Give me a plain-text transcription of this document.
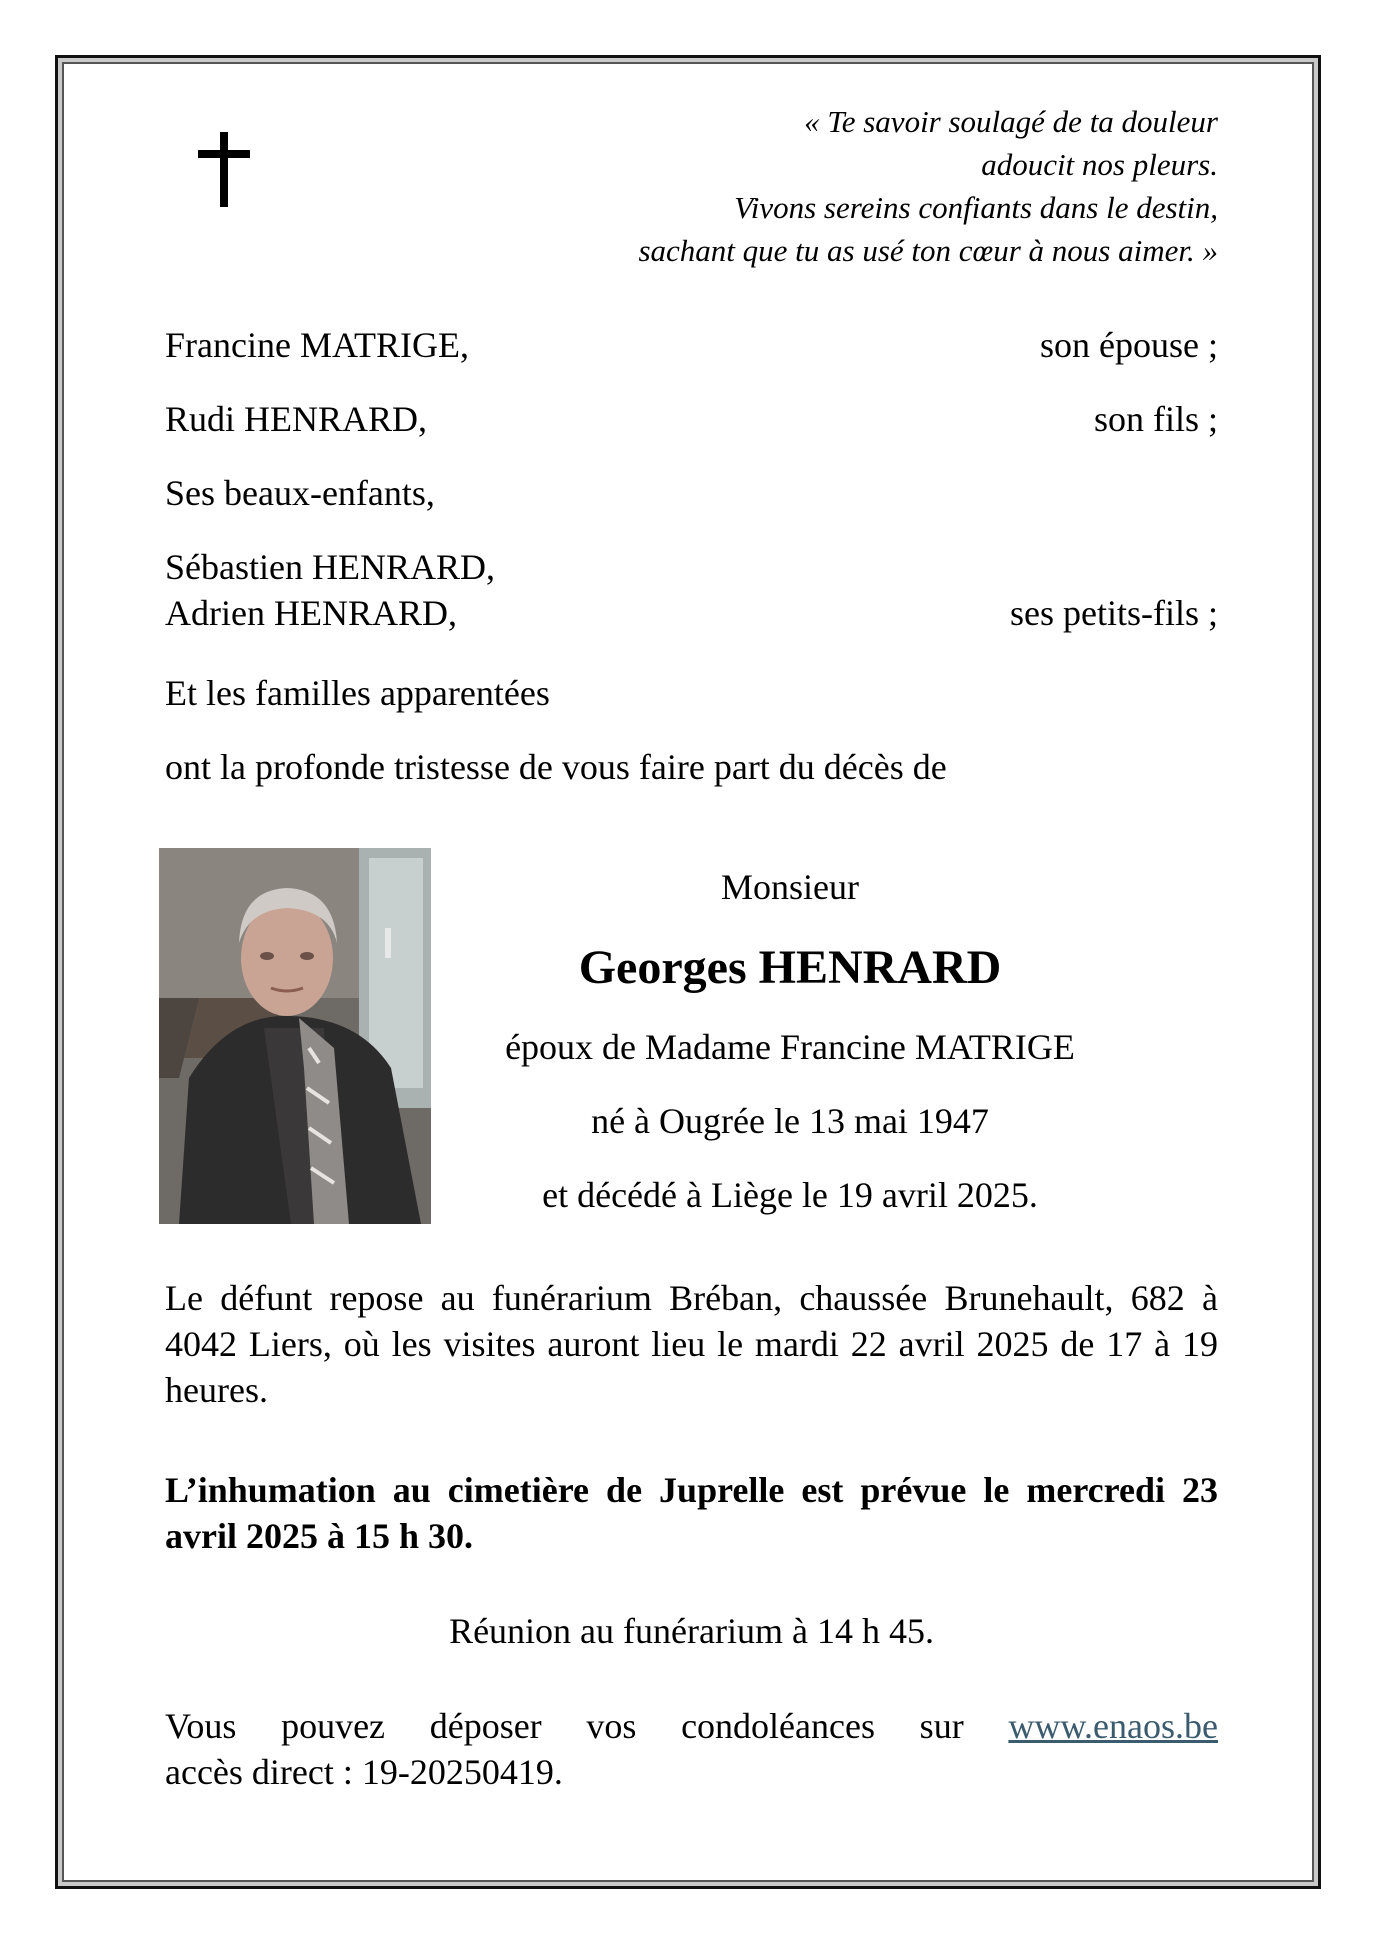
« Te savoir soulagé de ta douleur
adoucit nos pleurs.
Vivons sereins confiants dans le destin,
sachant que tu as usé ton cœur à nous aimer. »
Francine MATRIGE,	son épouse ;
Rudi HENRARD,	son fils ;
Ses beaux-enfants,
Sébastien HENRARD,
Adrien HENRARD,	ses petits-fils ;
Et les familles apparentées
ont la profonde tristesse de vous faire part du décès de
Monsieur
Georges HENRARD
époux de Madame Francine MATRIGE
né à Ougrée le 13 mai 1947
et décédé à Liège le 19 avril 2025.
Le défunt repose au funérarium Bréban, chaussée Brunehault, 682 à 4042 Liers, où les visites auront lieu le mardi 22 avril 2025 de 17 à 19 heures.
L’inhumation au cimetière de Juprelle est prévue le mercredi 23 avril 2025 à 15 h 30.
Réunion au funérarium à 14 h 45.
Vous pouvez déposer vos condoléances sur www.enaos.be
accès direct : 19-20250419.
